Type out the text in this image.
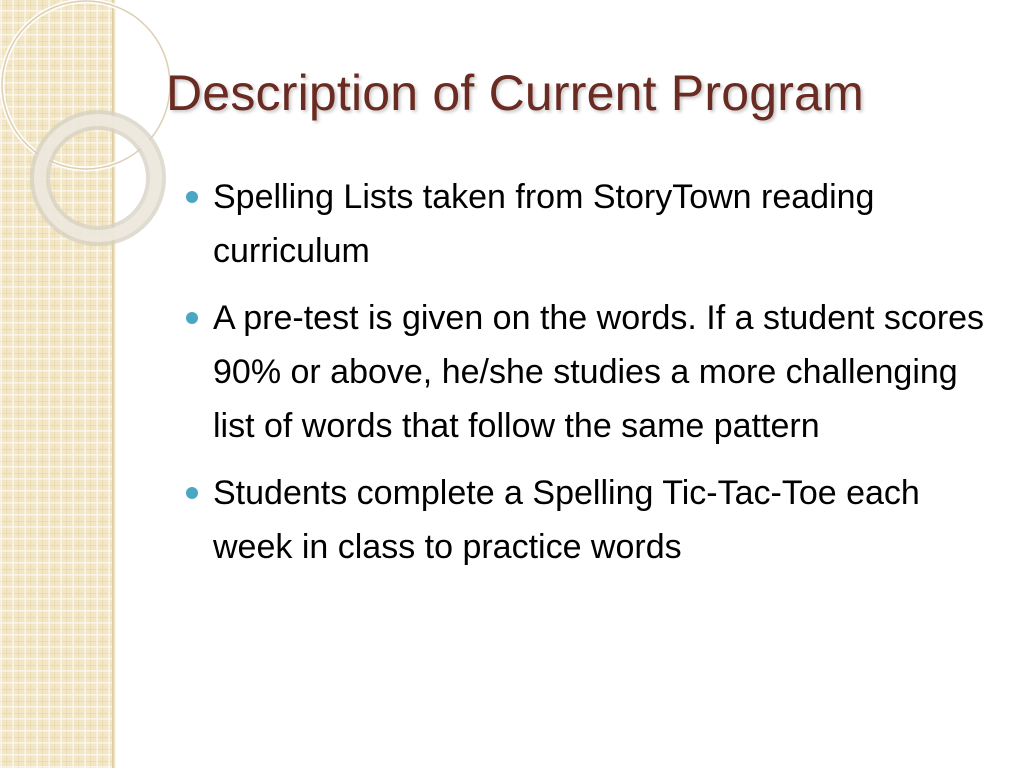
Description of Current Program
Spelling Lists taken from StoryTown reading curriculum
A pre-test is given on the words. If a student scores 90% or above, he/she studies a more challenging list of words that follow the same pattern
Students complete a Spelling Tic-Tac-Toe each week in class to practice words
